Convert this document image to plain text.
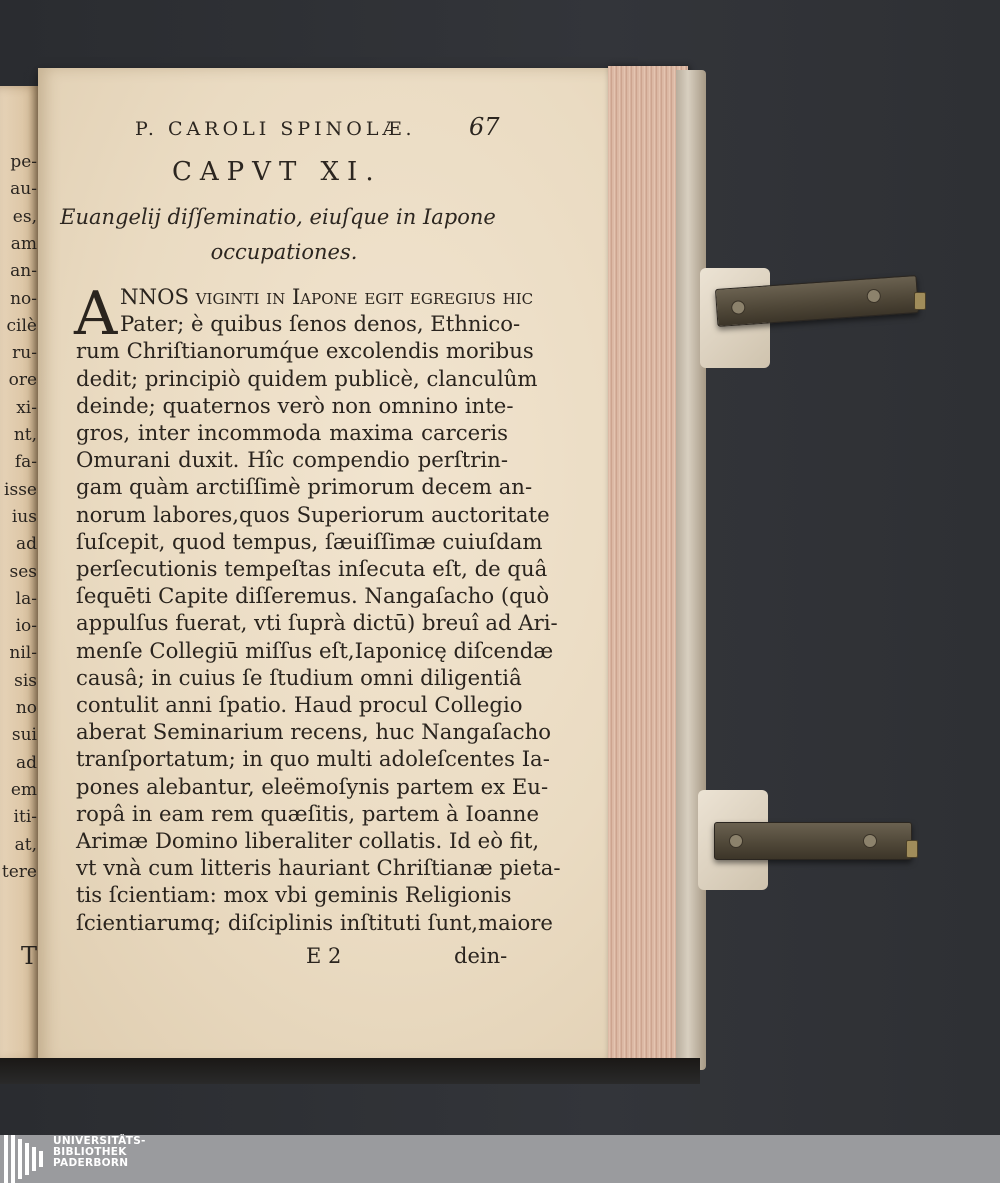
pe-
au-
es,
am
an-
no-
cilè
ru-
ore
xi-
nt,
fa-
isse
ius
ad
ses
la-
io-
nil-
sis
no
sui
ad
em
iti-
at,
tere
T
P. CAROLI SPINOLÆ. 67
CAPVT XI.
Euangelij diſſeminatio, eiuſque in Iapone
occupationes.
A NNOS viginti in Iapone egit egregius hic
Pater; è quibus ſenos denos, Ethnico-
rum Chriſtianorumq́ue excolendis moribus
dedit; principiò quidem publicè, clanculûm
deinde; quaternos verò non omnino inte-
gros, inter incommoda maxima carceris
Omurani duxit. Hîc compendio perſtrin-
gam quàm arctiſſimè primorum decem an-
norum labores,quos Superiorum auctoritate
ſuſcepit, quod tempus, ſæuiſſimæ cuiuſdam
perſecutionis tempeſtas inſecuta eſt, de quâ
ſequēti Capite diſſeremus. Nangaſacho (quò
appulſus fuerat, vti ſuprà dictū) breuî ad Ari-
menſe Collegiū miſſus eſt,Iaponicę diſcendæ
causâ; in cuius ſe ſtudium omni diligentiâ
contulit anni ſpatio. Haud procul Collegio
aberat Seminarium recens, huc Nangaſacho
tranſportatum; in quo multi adoleſcentes Ia-
pones alebantur, eleëmoſynis partem ex Eu-
ropâ in eam rem quæſitis, partem à Ioanne
Arimæ Domino liberaliter collatis. Id eò fit,
vt vnà cum litteris hauriant Chriſtianæ pieta-
tis ſcientiam: mox vbi geminis Religionis
ſcientiarumq; diſciplinis inſtituti ſunt,maiore
E 2	dein-
UNIVERSITÄTS-
BIBLIOTHEK
PADERBORN
